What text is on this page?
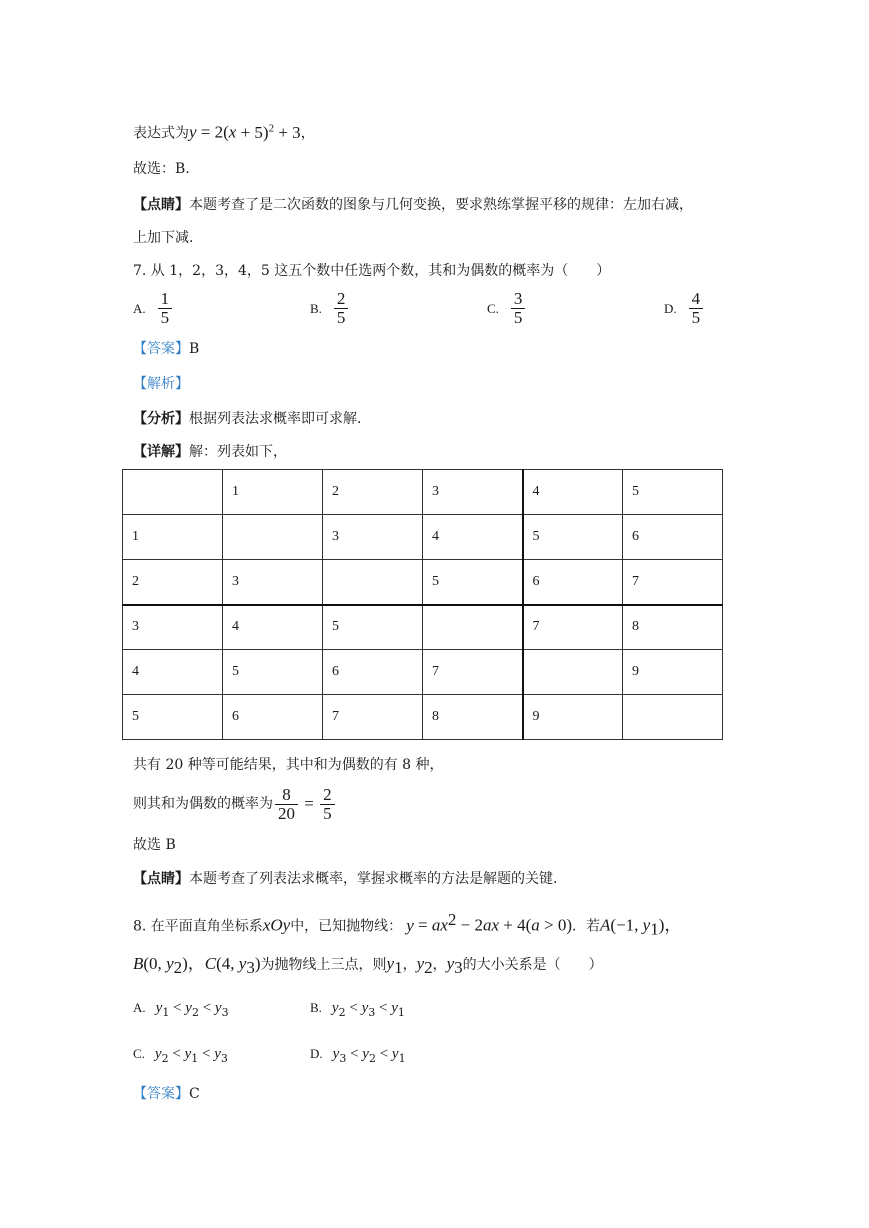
表达式为$y = 2(x + 5)^2 + 3$，
故选：B.
【点睛】本题考查了是二次函数的图象与几何变换，要求熟练掌握平移的规律：左加右减，
上加下减.
7. 从 1，2，3，4，5 这五个数中任选两个数，其和为偶数的概率为（　　）
A. $\frac{1}{5}$	B. $\frac{2}{5}$	C. $\frac{3}{5}$	D. $\frac{4}{5}$
【答案】B
【解析】
【分析】根据列表法求概率即可求解.
【详解】解：列表如下，
	1	2	3	4	5
1		3	4	5	6
2	3		5	6	7
3	4	5		7	8
4	5	6	7		9
5	6	7	8	9	
共有 20 种等可能结果，其中和为偶数的有 8 种，
则其和为偶数的概率为 $\frac{8}{20} = \frac{2}{5}$
故选 B
【点睛】本题考查了列表法求概率，掌握求概率的方法是解题的关键.
8. 在平面直角坐标系xOy中，已知抛物线： $y = ax^2 - 2ax + 4(a > 0)$．若A(−1, $y_1$)，
B(0, $y_2$)，C(4, $y_3$)为抛物线上三点，则$y_1$，$y_2$，$y_3$的大小关系是（　　）
A. $y_1 < y_2 < y_3$	B. $y_2 < y_3 < y_1$
C. $y_2 < y_1 < y_3$	D. $y_3 < y_2 < y_1$
【答案】C
